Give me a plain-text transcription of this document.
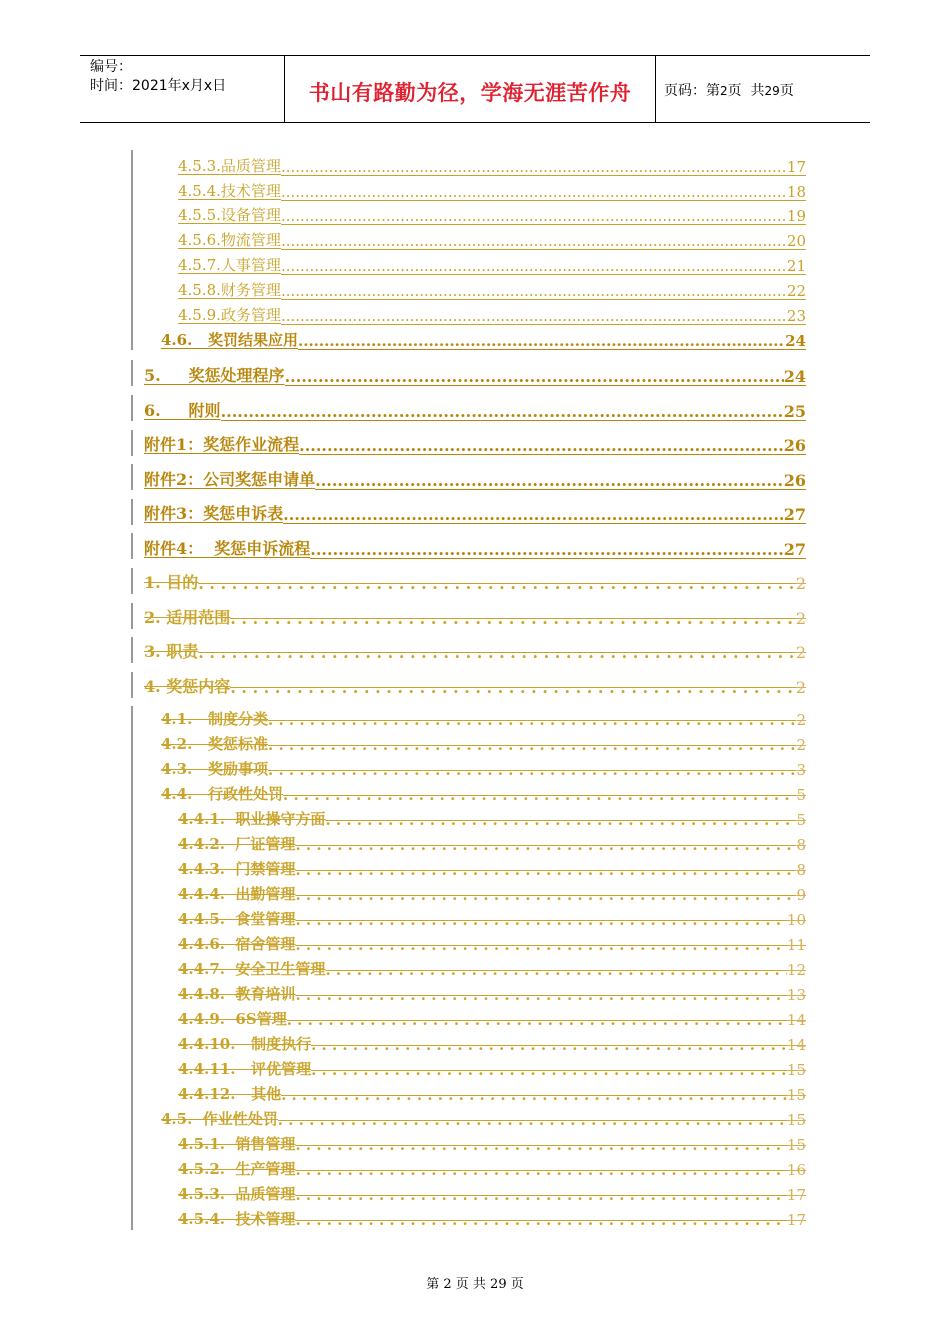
编号：
时间：2021年x月x日	书山有路勤为径，学海无涯苦作舟	页码：第2页  共29页
4.5.3.品质管理 .....	17
4.5.4.技术管理 .....	18
4.5.5.设备管理 .....	19
4.5.6.物流管理 .....	20
4.5.7.人事管理 .....	21
4.5.8.财务管理 .....	22
4.5.9.政务管理 .....	23
4.6.   奖罚结果应用 .....	24
5.     奖惩处理程序 .....	24
6.     附则 .....	25
附件1：奖惩作业流程 .....	26
附件2：公司奖惩申请单 .....	26
附件3：奖惩申诉表 .....	27
附件4：  奖惩申诉流程 .....	27
1. 目的 . . .	2
2. 适用范围 . . .	2
3. 职责 . . .	2
4. 奖惩内容 . . .	2
4.1.   制度分类 . . .	2
4.2.   奖惩标准 . . .	2
4.3.   奖励事项 . . .	3
4.4.   行政性处罚 . . .	5
4.4.1.  职业操守方面 . . .	5
4.4.2.  厂证管理 . . .	8
4.4.3.  门禁管理 . . .	8
4.4.4.  出勤管理 . . .	9
4.4.5.  食堂管理 . . .	10
4.4.6.  宿舍管理 . . .	11
4.4.7.  安全卫生管理 . . .	12
4.4.8.  教育培训 . . .	13
4.4.9.  6S管理 . . .	14
4.4.10.   制度执行 . . .	14
4.4.11.   评优管理 . . .	15
4.4.12.   其他 . . .	15
4.5.  作业性处罚 . . .	15
4.5.1.  销售管理 . . .	15
4.5.2.  生产管理 . . .	16
4.5.3.  品质管理 . . .	17
4.5.4.  技术管理 . . .	17
第 2 页 共 29 页
